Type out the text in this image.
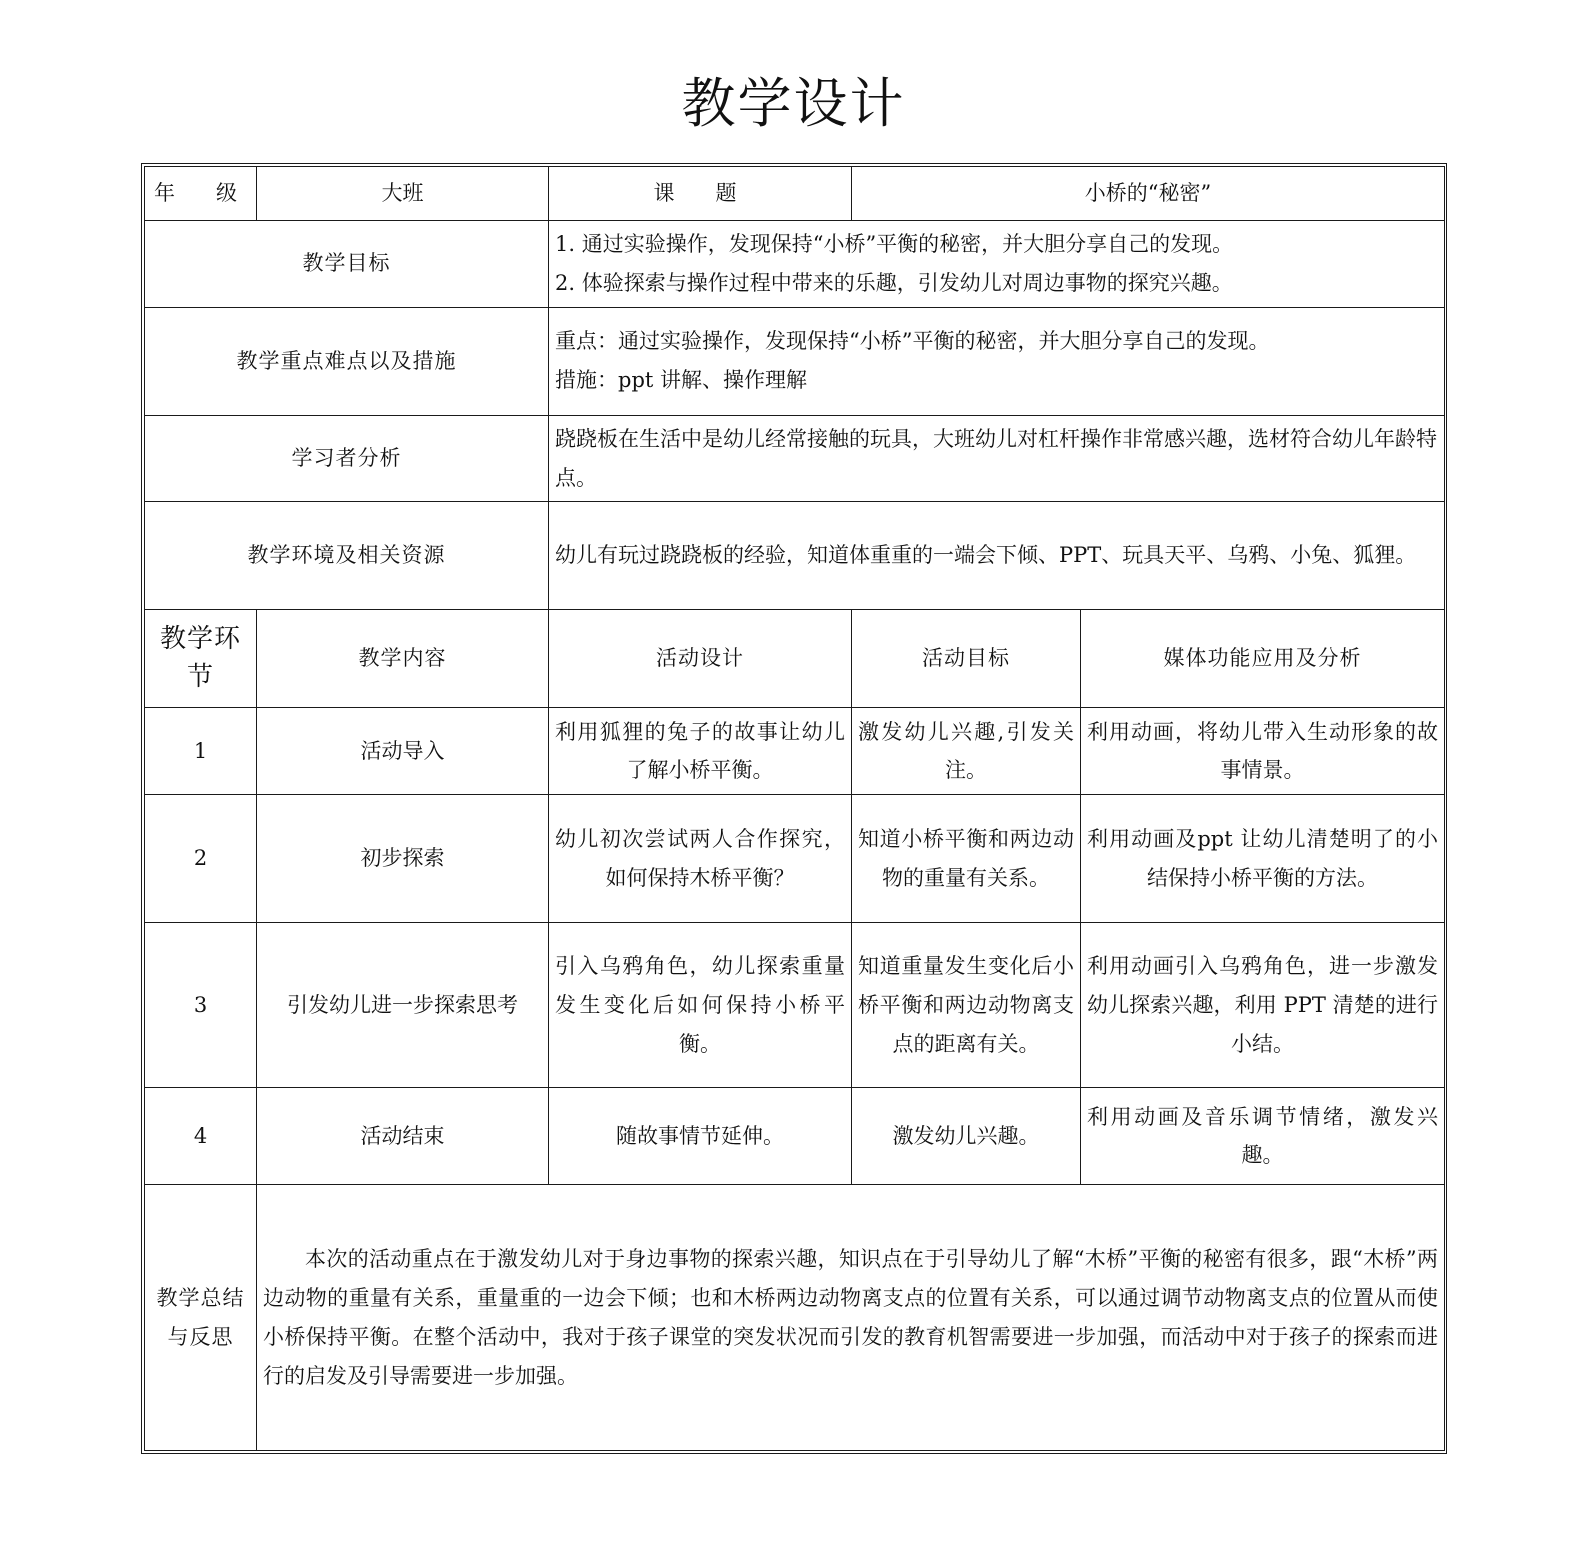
教学设计
年　级	大班	课　题	小桥的“秘密”	
教学目标		1. 通过实验操作，发现保持“小桥”平衡的秘密，并大胆分享自己的发现。

2. 体验探索与操作过程中带来的乐趣，引发幼儿对周边事物的探究兴趣。		

教学重点难点以及措施		重点：通过实验操作，发现保持“小桥”平衡的秘密，并大胆分享自己的发现。

措施：ppt 讲解、操作理解		

学习者分析		跷跷板在生活中是幼儿经常接触的玩具，大班幼儿对杠杆操作非常感兴趣，选材符合幼儿年龄特点。		
教学环境及相关资源		幼儿有玩过跷跷板的经验，知道体重重的一端会下倾、PPT、玩具天平、乌鸦、小兔、狐狸。		
教学环节	教学内容	活动设计	活动目标	媒体功能应用及分析
1	活动导入	利用狐狸的兔子的故事让幼儿了解小桥平衡。	激发幼儿兴趣,引发关注。	利用动画，将幼儿带入生动形象的故事情景。
2	初步探索	幼儿初次尝试两人合作探究，如何保持木桥平衡？	知道小桥平衡和两边动物的重量有关系。	利用动画及ppt 让幼儿清楚明了的小结保持小桥平衡的方法。
3	引发幼儿进一步探索思考	引入乌鸦角色，幼儿探索重量发生变化后如何保持小桥平衡。	知道重量发生变化后小桥平衡和两边动物离支点的距离有关。	利用动画引入乌鸦角色，进一步激发幼儿探索兴趣，利用 PPT 清楚的进行小结。
4	活动结束	随故事情节延伸。	激发幼儿兴趣。	利用动画及音乐调节情绪，激发兴趣。
教学总结与反思	本次的活动重点在于激发幼儿对于身边事物的探索兴趣，知识点在于引导幼儿了解“木桥”平衡的秘密有很多，跟“木桥”两边动物的重量有关系，重量重的一边会下倾；也和木桥两边动物离支点的位置有关系，可以通过调节动物离支点的位置从而使小桥保持平衡。在整个活动中，我对于孩子课堂的突发状况而引发的教育机智需要进一步加强，而活动中对于孩子的探索而进行的启发及引导需要进一步加强。			
